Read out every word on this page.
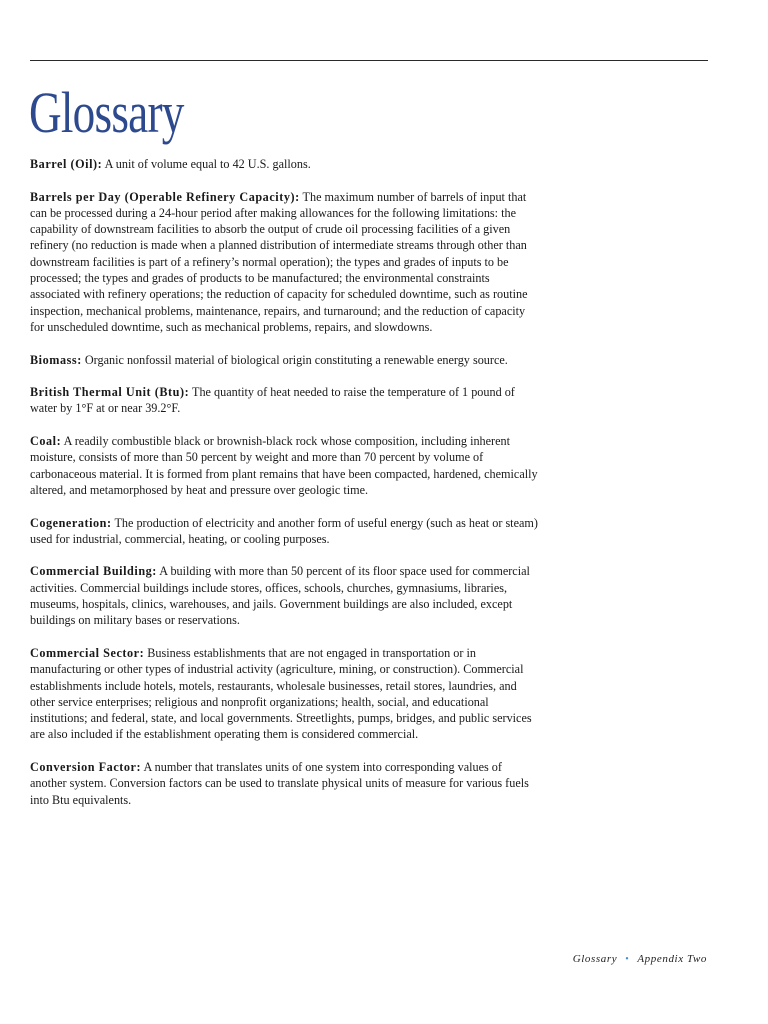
Glossary

Barrel (Oil): A unit of volume equal to 42 U.S. gallons.

Barrels per Day (Operable Refinery Capacity): The maximum number of barrels of input that can be processed during a 24-hour period after making allowances for the following limitations: the capability of downstream facilities to absorb the output of crude oil processing facilities of a given refinery (no reduction is made when a planned distribution of intermediate streams through other than downstream facilities is part of a refinery’s normal operation); the types and grades of inputs to be processed; the types and grades of products to be manufactured; the environmental constraints associated with refinery operations; the reduction of capacity for scheduled downtime, such as routine inspection, mechanical problems, maintenance, repairs, and turnaround; and the reduction of capacity for unscheduled downtime, such as mechanical problems, repairs, and slowdowns.

Biomass: Organic nonfossil material of biological origin constituting a renewable energy source.

British Thermal Unit (Btu): The quantity of heat needed to raise the temperature of 1 pound of water by 1°F at or near 39.2°F.

Coal: A readily combustible black or brownish-black rock whose composition, including inherent moisture, consists of more than 50 percent by weight and more than 70 percent by volume of carbonaceous material. It is formed from plant remains that have been compacted, hardened, chemically altered, and metamorphosed by heat and pressure over geologic time.

Cogeneration: The production of electricity and another form of useful energy (such as heat or steam) used for industrial, commercial, heating, or cooling purposes.

Commercial Building: A building with more than 50 percent of its floor space used for commercial activities. Commercial buildings include stores, offices, schools, churches, gymnasiums, libraries, museums, hospitals, clinics, warehouses, and jails. Government buildings are also included, except buildings on military bases or reservations.

Commercial Sector: Business establishments that are not engaged in transportation or in manufacturing or other types of industrial activity (agriculture, mining, or construction). Commercial establishments include hotels, motels, restaurants, wholesale businesses, retail stores, laundries, and other service enterprises; religious and nonprofit organizations; health, social, and educational institutions; and federal, state, and local governments. Streetlights, pumps, bridges, and public services are also included if the establishment operating them is considered commercial.

Conversion Factor: A number that translates units of one system into corresponding values of another system. Conversion factors can be used to translate physical units of measure for various fuels into Btu equivalents.

Glossary • Appendix Two
